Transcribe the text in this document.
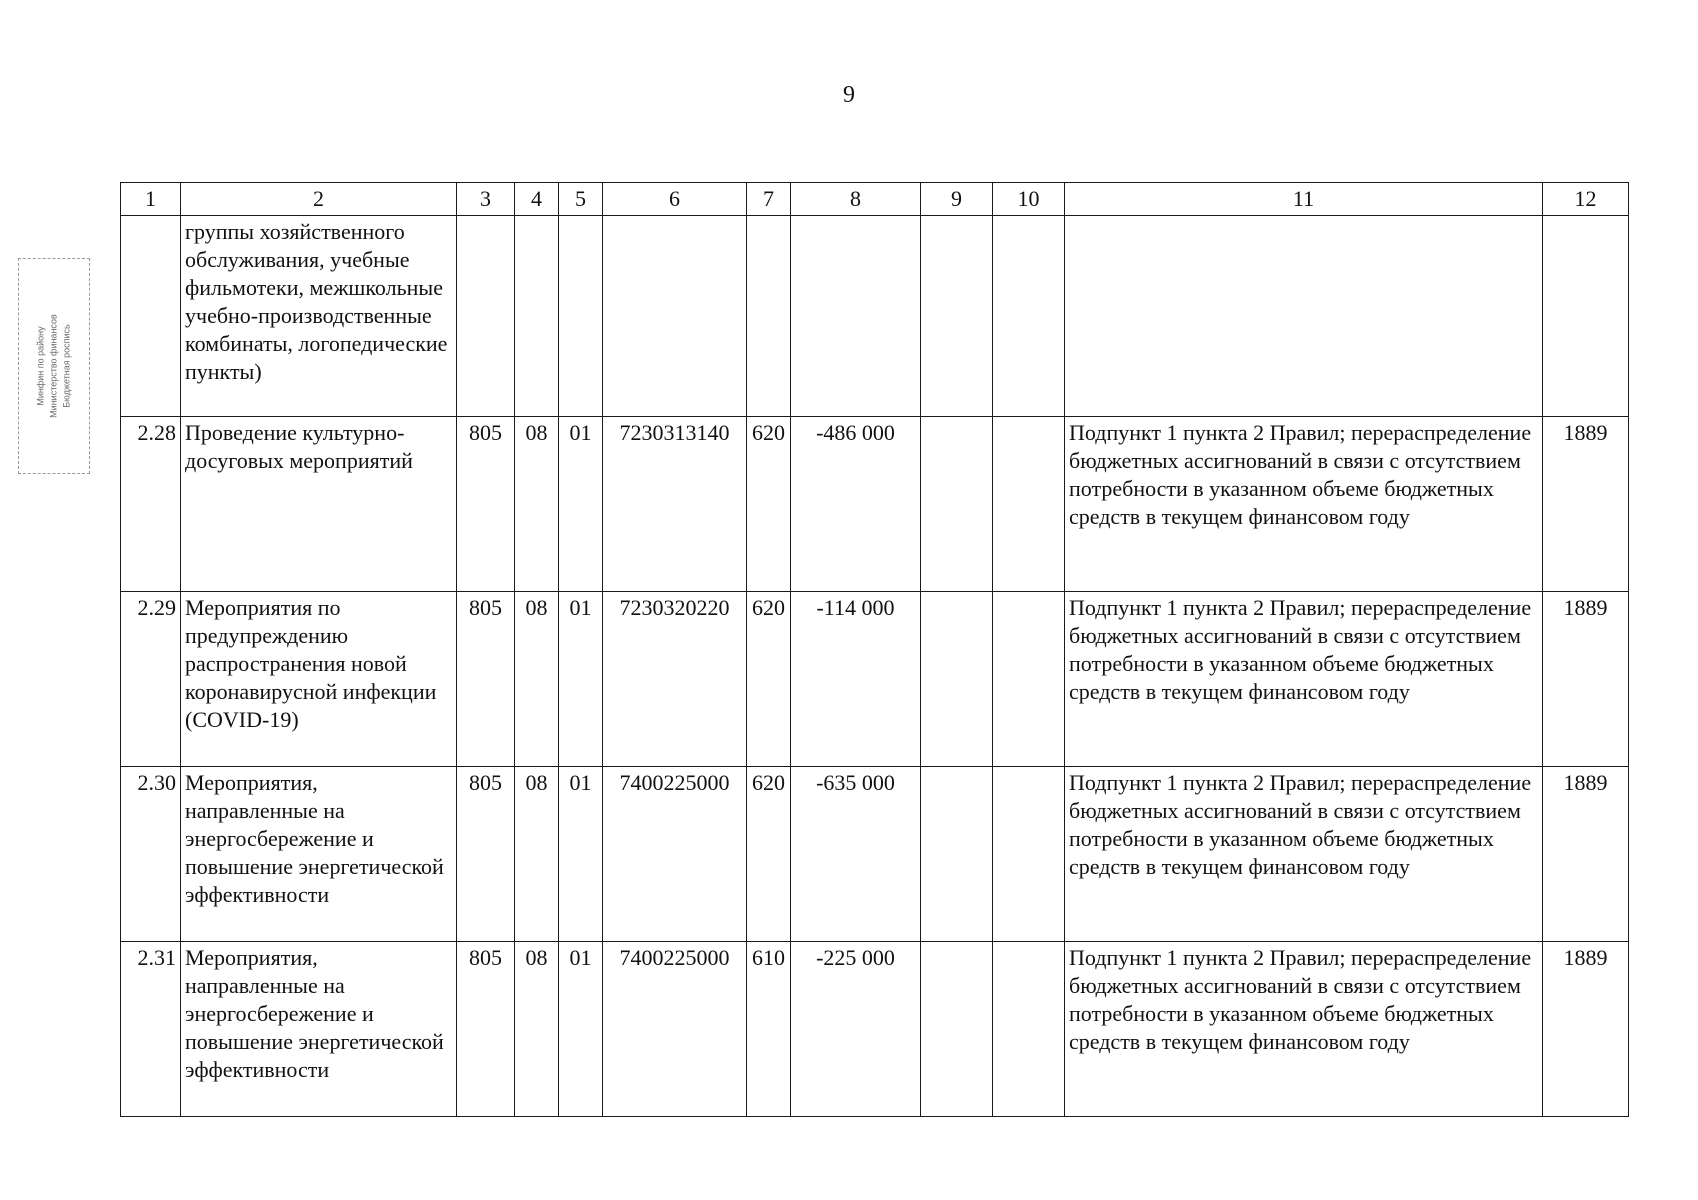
9
Минфин по району Министерство финансов Бюджетная роспись
1	2	3	4	5	6	7	8	9	10	11	12
	группы хозяйственного обслуживания, учебные фильмотеки, межшкольные учебно-производственные комбинаты, логопедические пункты)										
2.28	Проведение культурно-досуговых мероприятий	805	08	01	7230313140	620	-486 000			Подпункт 1 пункта 2 Правил; перераспределение бюджетных ассигнований в связи с отсутствием потребности в указанном объеме бюджетных средств в текущем финансовом году	1889
2.29	Мероприятия по предупреждению распространения новой коронавирусной инфекции (COVID-19)	805	08	01	7230320220	620	-114 000			Подпункт 1 пункта 2 Правил; перераспределение бюджетных ассигнований в связи с отсутствием потребности в указанном объеме бюджетных средств в текущем финансовом году	1889
2.30	Мероприятия, направленные на энергосбережение и повышение энергетической эффективности	805	08	01	7400225000	620	-635 000			Подпункт 1 пункта 2 Правил; перераспределение бюджетных ассигнований в связи с отсутствием потребности в указанном объеме бюджетных средств в текущем финансовом году	1889
2.31	Мероприятия, направленные на энергосбережение и повышение энергетической эффективности	805	08	01	7400225000	610	-225 000			Подпункт 1 пункта 2 Правил; перераспределение бюджетных ассигнований в связи с отсутствием потребности в указанном объеме бюджетных средств в текущем финансовом году	1889
